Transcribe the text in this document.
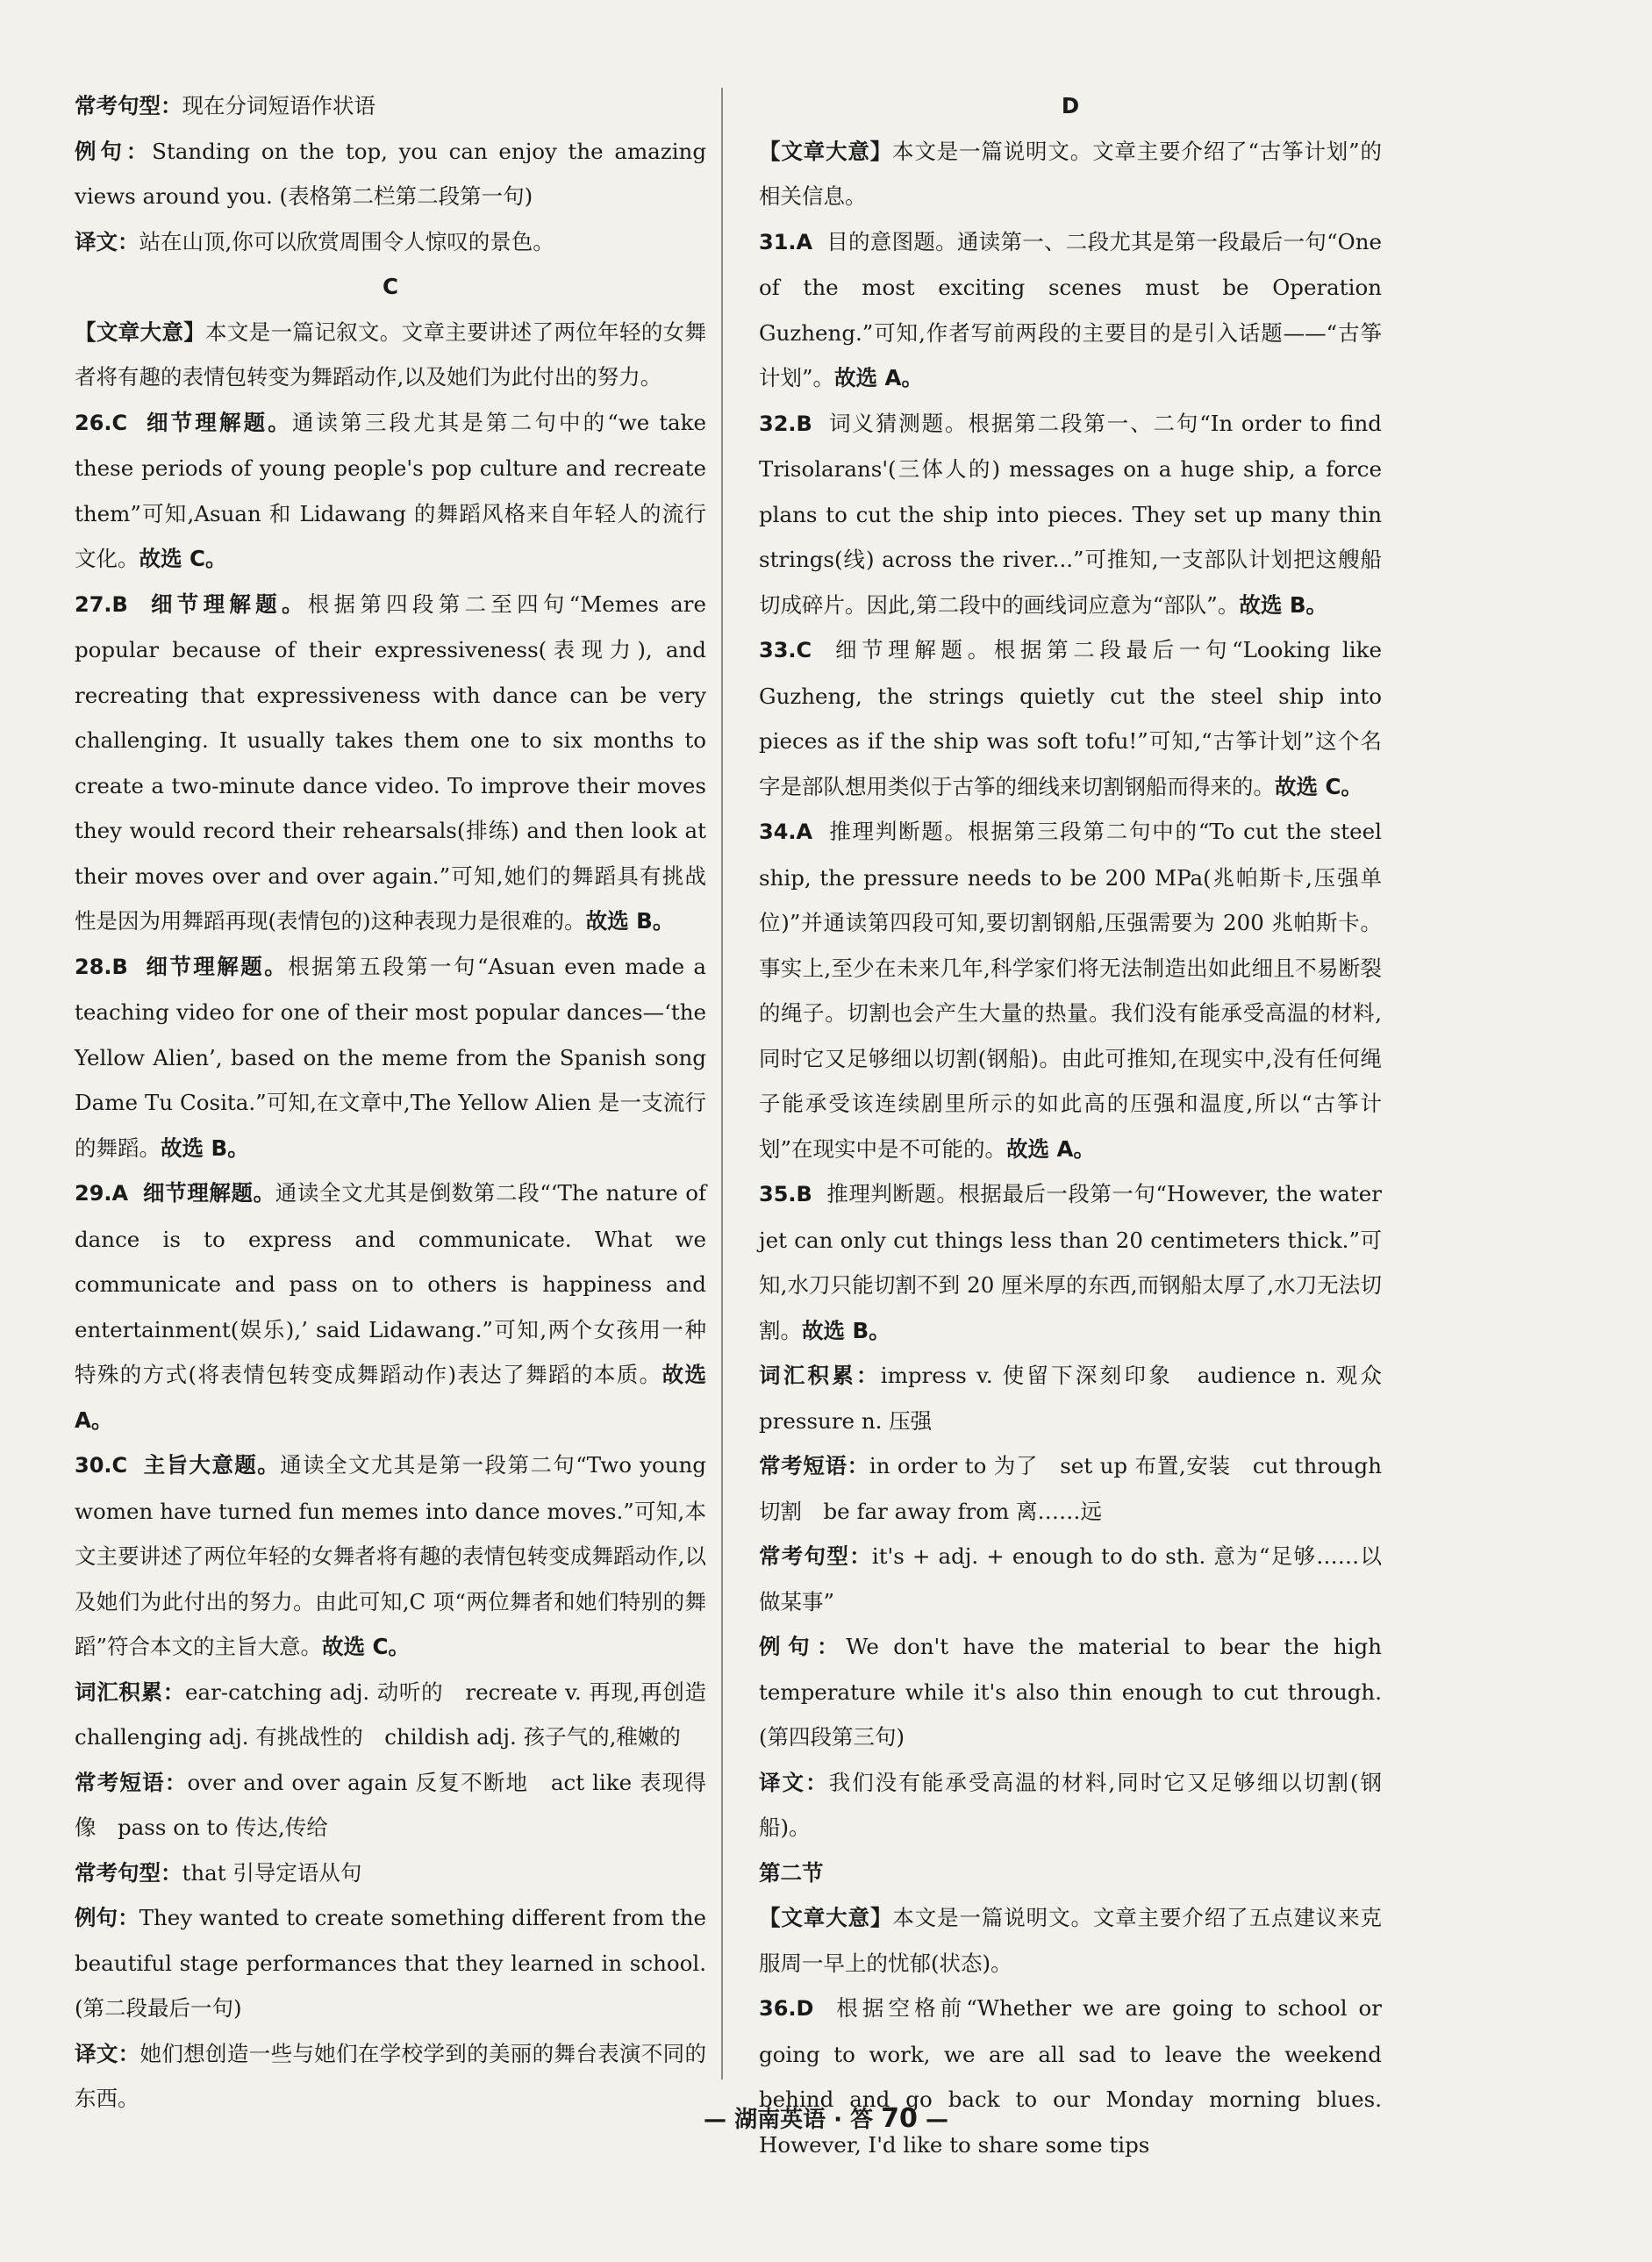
常考句型：现在分词短语作状语
例句：Standing on the top, you can enjoy the amazing views around you. (表格第二栏第二段第一句)
译文：站在山顶,你可以欣赏周围令人惊叹的景色。
C
【文章大意】本文是一篇记叙文。文章主要讲述了两位年轻的女舞者将有趣的表情包转变为舞蹈动作,以及她们为此付出的努力。
26.C 细节理解题。通读第三段尤其是第二句中的“we take these periods of young people's pop culture and recreate them”可知,Asuan 和 Lidawang 的舞蹈风格来自年轻人的流行文化。故选 C。
27.B 细节理解题。根据第四段第二至四句“Memes are popular because of their expressiveness(表现力), and recreating that expressiveness with dance can be very challenging. It usually takes them one to six months to create a two-minute dance video. To improve their moves they would record their rehearsals(排练) and then look at their moves over and over again.”可知,她们的舞蹈具有挑战性是因为用舞蹈再现(表情包的)这种表现力是很难的。故选 B。
28.B 细节理解题。根据第五段第一句“Asuan even made a teaching video for one of their most popular dances—‘the Yellow Alien’, based on the meme from the Spanish song Dame Tu Cosita.”可知,在文章中,The Yellow Alien 是一支流行的舞蹈。故选 B。
29.A 细节理解题。通读全文尤其是倒数第二段“‘The nature of dance is to express and communicate. What we communicate and pass on to others is happiness and entertainment(娱乐),’ said Lidawang.”可知,两个女孩用一种特殊的方式(将表情包转变成舞蹈动作)表达了舞蹈的本质。故选 A。
30.C 主旨大意题。通读全文尤其是第一段第二句“Two young women have turned fun memes into dance moves.”可知,本文主要讲述了两位年轻的女舞者将有趣的表情包转变成舞蹈动作,以及她们为此付出的努力。由此可知,C 项“两位舞者和她们特别的舞蹈”符合本文的主旨大意。故选 C。
词汇积累：ear-catching adj. 动听的　recreate v. 再现,再创造　challenging adj. 有挑战性的　childish adj. 孩子气的,稚嫩的
常考短语：over and over again 反复不断地　act like 表现得像　pass on to 传达,传给
常考句型：that 引导定语从句
例句：They wanted to create something different from the beautiful stage performances that they learned in school. (第二段最后一句)
译文：她们想创造一些与她们在学校学到的美丽的舞台表演不同的东西。
D
【文章大意】本文是一篇说明文。文章主要介绍了“古筝计划”的相关信息。
31.A 目的意图题。通读第一、二段尤其是第一段最后一句“One of the most exciting scenes must be Operation Guzheng.”可知,作者写前两段的主要目的是引入话题——“古筝计划”。故选 A。
32.B 词义猜测题。根据第二段第一、二句“In order to find Trisolarans'(三体人的) messages on a huge ship, a force plans to cut the ship into pieces. They set up many thin strings(线) across the river...”可推知,一支部队计划把这艘船切成碎片。因此,第二段中的画线词应意为“部队”。故选 B。
33.C 细节理解题。根据第二段最后一句“Looking like Guzheng, the strings quietly cut the steel ship into pieces as if the ship was soft tofu!”可知,“古筝计划”这个名字是部队想用类似于古筝的细线来切割钢船而得来的。故选 C。
34.A 推理判断题。根据第三段第二句中的“To cut the steel ship, the pressure needs to be 200 MPa(兆帕斯卡,压强单位)”并通读第四段可知,要切割钢船,压强需要为 200 兆帕斯卡。事实上,至少在未来几年,科学家们将无法制造出如此细且不易断裂的绳子。切割也会产生大量的热量。我们没有能承受高温的材料,同时它又足够细以切割(钢船)。由此可推知,在现实中,没有任何绳子能承受该连续剧里所示的如此高的压强和温度,所以“古筝计划”在现实中是不可能的。故选 A。
35.B 推理判断题。根据最后一段第一句“However, the water jet can only cut things less than 20 centimeters thick.”可知,水刀只能切割不到 20 厘米厚的东西,而钢船太厚了,水刀无法切割。故选 B。
词汇积累：impress v. 使留下深刻印象　audience n. 观众　pressure n. 压强
常考短语：in order to 为了　set up 布置,安装　cut through 切割　be far away from 离……远
常考句型：it's + adj. + enough to do sth. 意为“足够……以做某事”
例句：We don't have the material to bear the high temperature while it's also thin enough to cut through. (第四段第三句)
译文：我们没有能承受高温的材料,同时它又足够细以切割(钢船)。
第二节
【文章大意】本文是一篇说明文。文章主要介绍了五点建议来克服周一早上的忧郁(状态)。
36.D 根据空格前“Whether we are going to school or going to work, we are all sad to leave the weekend behind and go back to our Monday morning blues. However, I'd like to share some tips
— 湖南英语 · 答 70 —
